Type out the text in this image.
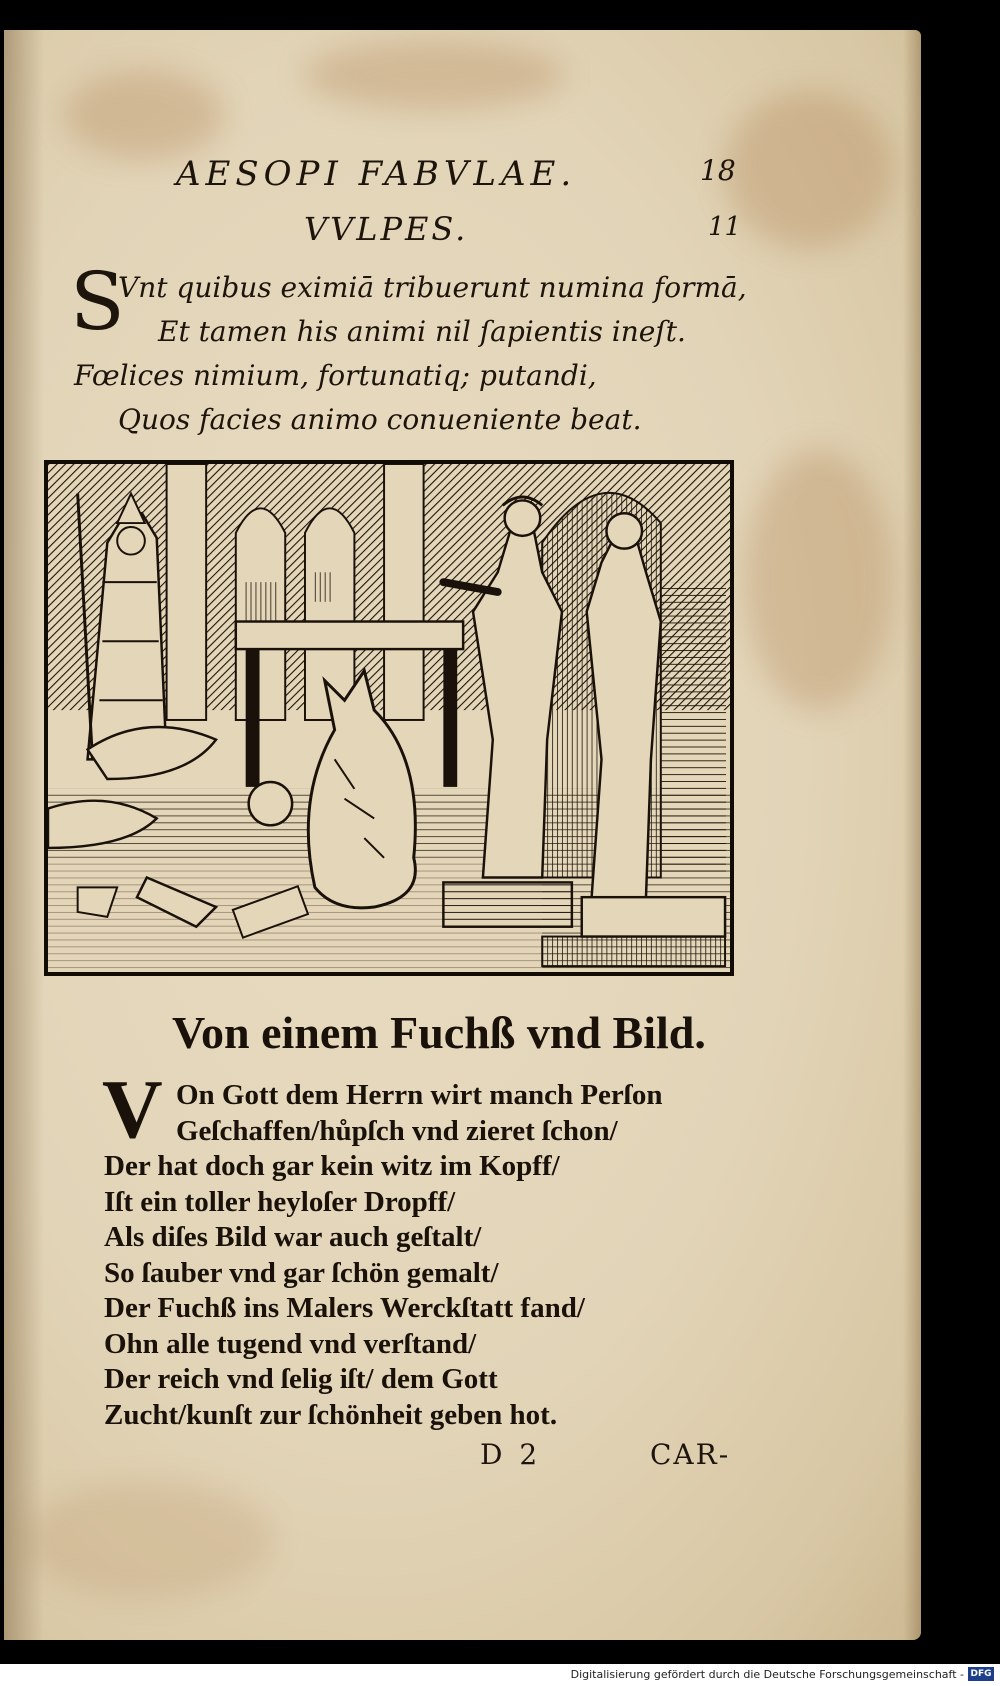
AESOPI FABVLAE.	18
VVLPES.	11
S
Vnt quibus eximiā tribuerunt numina formā,
Et tamen his animi nil ſapientis ineſt.
Fœlices nimium, fortunatiq; putandi,
Quos facies animo conueniente beat.
Von einem Fuchß vnd Bild.
V On Gott dem Herrn wirt manch Perſon
Geſchaffen/hůpſch vnd zieret ſchon/
Der hat doch gar kein witz im Kopff/
Iſt ein toller heyloſer Dropff/
Als diſes Bild war auch geſtalt/
So ſauber vnd gar ſchön gemalt/
Der Fuchß ins Malers Werckſtatt fand/
Ohn alle tugend vnd verſtand/
Der reich vnd ſelig iſt/ dem Gott
Zucht/kunſt zur ſchönheit geben hot.
D 2	CAR-
Digitalisierung gefördert durch die Deutsche Forschungsgemeinschaft - DFG
